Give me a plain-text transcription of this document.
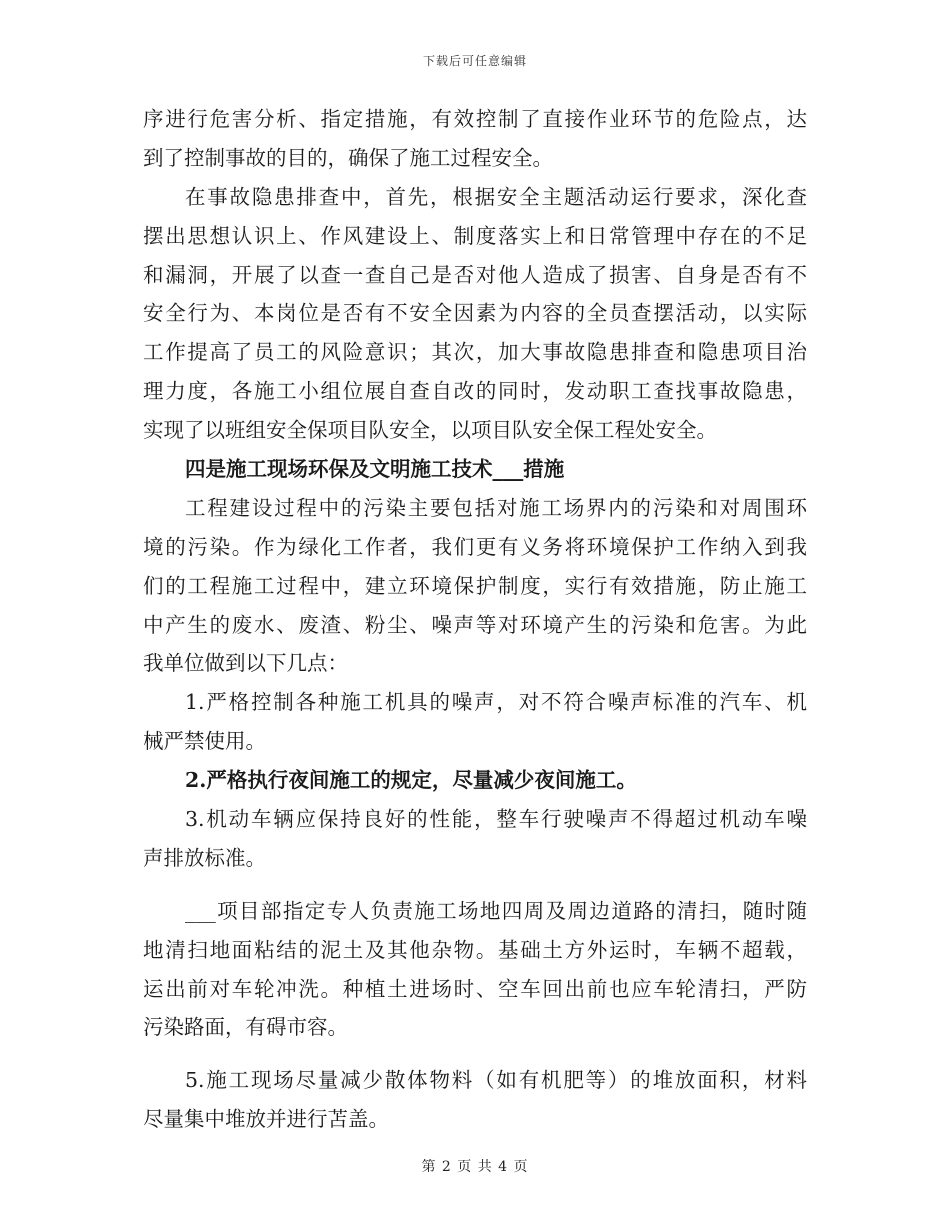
下载后可任意编辑
序进行危害分析、指定措施，有效控制了直接作业环节的危险点，达
到了控制事故的目的，确保了施工过程安全。
在事故隐患排查中，首先，根据安全主题活动运行要求，深化查
摆出思想认识上、作风建设上、制度落实上和日常管理中存在的不足
和漏洞，开展了以查一查自己是否对他人造成了损害、自身是否有不
安全行为、本岗位是否有不安全因素为内容的全员查摆活动，以实际
工作提高了员工的风险意识；其次，加大事故隐患排查和隐患项目治
理力度，各施工小组位展自查自改的同时，发动职工查找事故隐患，
实现了以班组安全保项目队安全，以项目队安全保工程处安全。
四是施工现场环保及文明施工技术___措施
工程建设过程中的污染主要包括对施工场界内的污染和对周围环
境的污染。作为绿化工作者，我们更有义务将环境保护工作纳入到我
们的工程施工过程中，建立环境保护制度，实行有效措施，防止施工
中产生的废水、废渣、粉尘、噪声等对环境产生的污染和危害。为此
我单位做到以下几点：
1.严格控制各种施工机具的噪声，对不符合噪声标准的汽车、机
械严禁使用。
2.严格执行夜间施工的规定，尽量减少夜间施工。
3.机动车辆应保持良好的性能，整车行驶噪声不得超过机动车噪
声排放标准。
___项目部指定专人负责施工场地四周及周边道路的清扫，随时随
地清扫地面粘结的泥土及其他杂物。基础土方外运时，车辆不超载，
运出前对车轮冲洗。种植土进场时、空车回出前也应车轮清扫，严防
污染路面，有碍市容。
5.施工现场尽量减少散体物料（如有机肥等）的堆放面积，材料
尽量集中堆放并进行苫盖。
第 2 页 共 4 页
